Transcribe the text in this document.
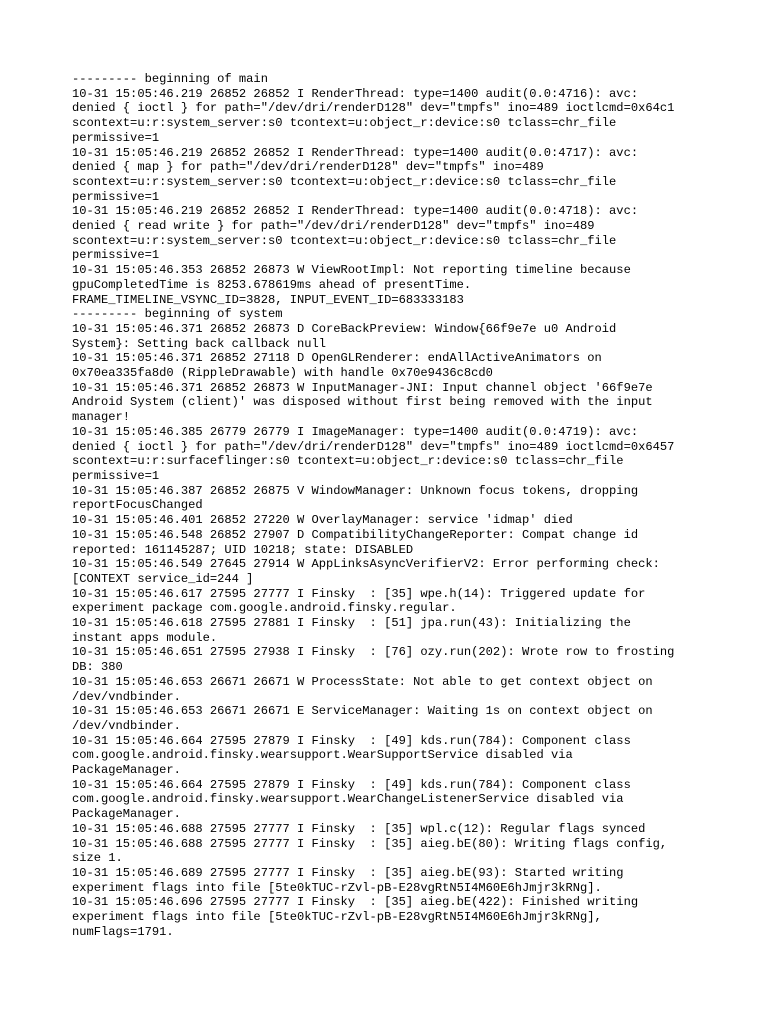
--------- beginning of main
10-31 15:05:46.219 26852 26852 I RenderThread: type=1400 audit(0.0:4716): avc:
denied { ioctl } for path="/dev/dri/renderD128" dev="tmpfs" ino=489 ioctlcmd=0x64c1
scontext=u:r:system_server:s0 tcontext=u:object_r:device:s0 tclass=chr_file
permissive=1
10-31 15:05:46.219 26852 26852 I RenderThread: type=1400 audit(0.0:4717): avc:
denied { map } for path="/dev/dri/renderD128" dev="tmpfs" ino=489
scontext=u:r:system_server:s0 tcontext=u:object_r:device:s0 tclass=chr_file
permissive=1
10-31 15:05:46.219 26852 26852 I RenderThread: type=1400 audit(0.0:4718): avc:
denied { read write } for path="/dev/dri/renderD128" dev="tmpfs" ino=489
scontext=u:r:system_server:s0 tcontext=u:object_r:device:s0 tclass=chr_file
permissive=1
10-31 15:05:46.353 26852 26873 W ViewRootImpl: Not reporting timeline because
gpuCompletedTime is 8253.678619ms ahead of presentTime.
FRAME_TIMELINE_VSYNC_ID=3828, INPUT_EVENT_ID=683333183
--------- beginning of system
10-31 15:05:46.371 26852 26873 D CoreBackPreview: Window{66f9e7e u0 Android
System}: Setting back callback null
10-31 15:05:46.371 26852 27118 D OpenGLRenderer: endAllActiveAnimators on
0x70ea335fa8d0 (RippleDrawable) with handle 0x70e9436c8cd0
10-31 15:05:46.371 26852 26873 W InputManager-JNI: Input channel object '66f9e7e
Android System (client)' was disposed without first being removed with the input
manager!
10-31 15:05:46.385 26779 26779 I ImageManager: type=1400 audit(0.0:4719): avc:
denied { ioctl } for path="/dev/dri/renderD128" dev="tmpfs" ino=489 ioctlcmd=0x6457
scontext=u:r:surfaceflinger:s0 tcontext=u:object_r:device:s0 tclass=chr_file
permissive=1
10-31 15:05:46.387 26852 26875 V WindowManager: Unknown focus tokens, dropping
reportFocusChanged
10-31 15:05:46.401 26852 27220 W OverlayManager: service 'idmap' died
10-31 15:05:46.548 26852 27907 D CompatibilityChangeReporter: Compat change id
reported: 161145287; UID 10218; state: DISABLED
10-31 15:05:46.549 27645 27914 W AppLinksAsyncVerifierV2: Error performing check:
[CONTEXT service_id=244 ]
10-31 15:05:46.617 27595 27777 I Finsky  : [35] wpe.h(14): Triggered update for
experiment package com.google.android.finsky.regular.
10-31 15:05:46.618 27595 27881 I Finsky  : [51] jpa.run(43): Initializing the
instant apps module.
10-31 15:05:46.651 27595 27938 I Finsky  : [76] ozy.run(202): Wrote row to frosting
DB: 380
10-31 15:05:46.653 26671 26671 W ProcessState: Not able to get context object on
/dev/vndbinder.
10-31 15:05:46.653 26671 26671 E ServiceManager: Waiting 1s on context object on
/dev/vndbinder.
10-31 15:05:46.664 27595 27879 I Finsky  : [49] kds.run(784): Component class
com.google.android.finsky.wearsupport.WearSupportService disabled via
PackageManager.
10-31 15:05:46.664 27595 27879 I Finsky  : [49] kds.run(784): Component class
com.google.android.finsky.wearsupport.WearChangeListenerService disabled via
PackageManager.
10-31 15:05:46.688 27595 27777 I Finsky  : [35] wpl.c(12): Regular flags synced
10-31 15:05:46.688 27595 27777 I Finsky  : [35] aieg.bE(80): Writing flags config,
size 1.
10-31 15:05:46.689 27595 27777 I Finsky  : [35] aieg.bE(93): Started writing
experiment flags into file [5te0kTUC-rZvl-pB-E28vgRtN5I4M60E6hJmjr3kRNg].
10-31 15:05:46.696 27595 27777 I Finsky  : [35] aieg.bE(422): Finished writing
experiment flags into file [5te0kTUC-rZvl-pB-E28vgRtN5I4M60E6hJmjr3kRNg],
numFlags=1791.
